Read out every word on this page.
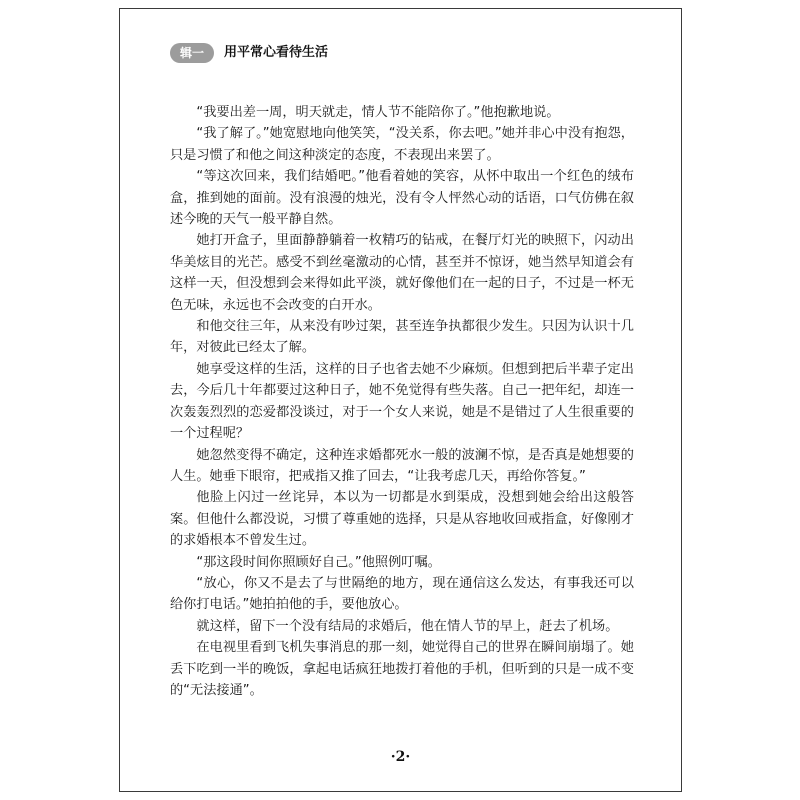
辑一	用平常心看待生活

“我要出差一周，明天就走，情人节不能陪你了。”他抱歉地说。

“我了解了。”她宽慰地向他笑笑，“没关系，你去吧。”她并非心中没有抱怨，只是习惯了和他之间这种淡定的态度，不表现出来罢了。

“等这次回来，我们结婚吧。”他看着她的笑容，从怀中取出一个红色的绒布盒，推到她的面前。没有浪漫的烛光，没有令人怦然心动的话语，口气仿佛在叙述今晚的天气一般平静自然。

她打开盒子，里面静静躺着一枚精巧的钻戒，在餐厅灯光的映照下，闪动出华美炫目的光芒。感受不到丝毫激动的心情，甚至并不惊讶，她当然早知道会有这样一天，但没想到会来得如此平淡，就好像他们在一起的日子，不过是一杯无色无味，永远也不会改变的白开水。

和他交往三年，从来没有吵过架，甚至连争执都很少发生。只因为认识十几年，对彼此已经太了解。

她享受这样的生活，这样的日子也省去她不少麻烦。但想到把后半辈子定出去，今后几十年都要过这种日子，她不免觉得有些失落。自己一把年纪，却连一次轰轰烈烈的恋爱都没谈过，对于一个女人来说，她是不是错过了人生很重要的一个过程呢？

她忽然变得不确定，这种连求婚都死水一般的波澜不惊，是否真是她想要的人生。她垂下眼帘，把戒指又推了回去，“让我考虑几天，再给你答复。”

他脸上闪过一丝诧异，本以为一切都是水到渠成，没想到她会给出这般答案。但他什么都没说，习惯了尊重她的选择，只是从容地收回戒指盒，好像刚才的求婚根本不曾发生过。

“那这段时间你照顾好自己。”他照例叮嘱。

“放心，你又不是去了与世隔绝的地方，现在通信这么发达，有事我还可以给你打电话。”她拍拍他的手，要他放心。

就这样，留下一个没有结局的求婚后，他在情人节的早上，赶去了机场。

在电视里看到飞机失事消息的那一刻，她觉得自己的世界在瞬间崩塌了。她丢下吃到一半的晚饭，拿起电话疯狂地拨打着他的手机，但听到的只是一成不变的“无法接通”。

·2·
